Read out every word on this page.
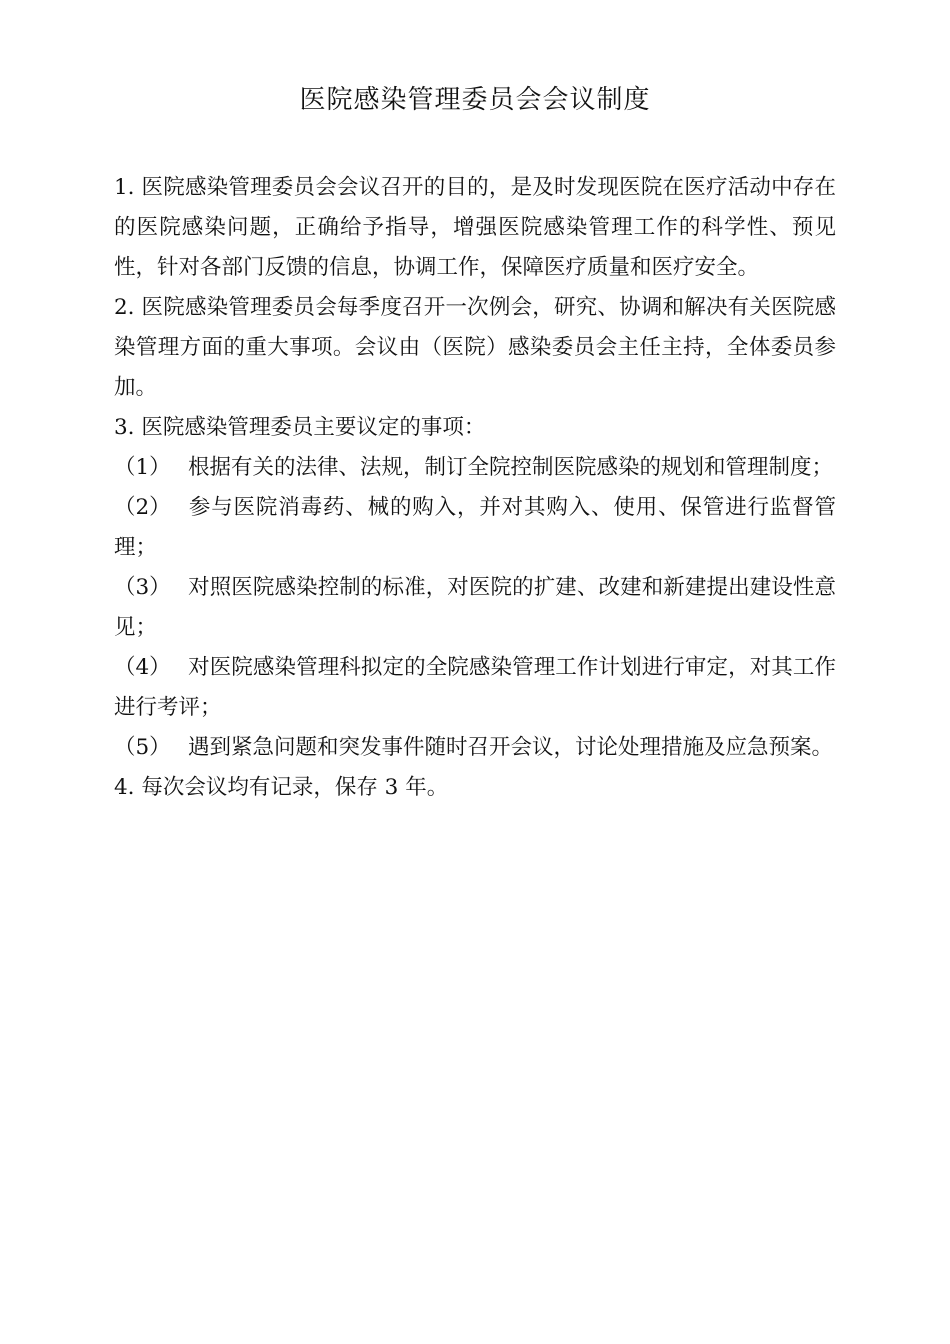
医院感染管理委员会会议制度

1. 医院感染管理委员会会议召开的目的，是及时发现医院在医疗活动中存在的医院感染问题，正确给予指导，增强医院感染管理工作的科学性、预见性，针对各部门反馈的信息，协调工作，保障医疗质量和医疗安全。

2. 医院感染管理委员会每季度召开一次例会，研究、协调和解决有关医院感染管理方面的重大事项。会议由（医院）感染委员会主任主持，全体委员参加。

3. 医院感染管理委员主要议定的事项：

（1） 根据有关的法律、法规，制订全院控制医院感染的规划和管理制度；

（2） 参与医院消毒药、械的购入，并对其购入、使用、保管进行监督管理；

（3） 对照医院感染控制的标准，对医院的扩建、改建和新建提出建设性意见；

（4） 对医院感染管理科拟定的全院感染管理工作计划进行审定，对其工作进行考评；

（5） 遇到紧急问题和突发事件随时召开会议，讨论处理措施及应急预案。

4. 每次会议均有记录，保存 3 年。
